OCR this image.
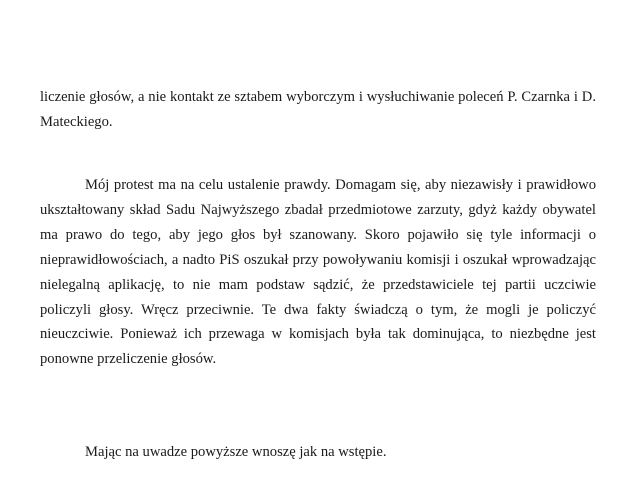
liczenie głosów, a nie kontakt ze sztabem wyborczym i wysłuchiwanie poleceń P. Czarnka i D. Mateckiego.

Mój protest ma na celu ustalenie prawdy. Domagam się, aby niezawisły i prawidłowo ukształtowany skład Sadu Najwyższego zbadał przedmiotowe zarzuty, gdyż każdy obywatel ma prawo do tego, aby jego głos był szanowany. Skoro pojawiło się tyle informacji o nieprawidłowościach, a nadto PiS oszukał przy powoływaniu komisji i oszukał wprowadzając nielegalną aplikację, to nie mam podstaw sądzić, że przedstawiciele tej partii uczciwie policzyli głosy. Wręcz przeciwnie. Te dwa fakty świadczą o tym, że mogli je policzyć nieuczciwie. Ponieważ ich przewaga w komisjach była tak dominująca, to niezbędne jest ponowne przeliczenie głosów.

Mając na uwadze powyższe wnoszę jak na wstępie.
